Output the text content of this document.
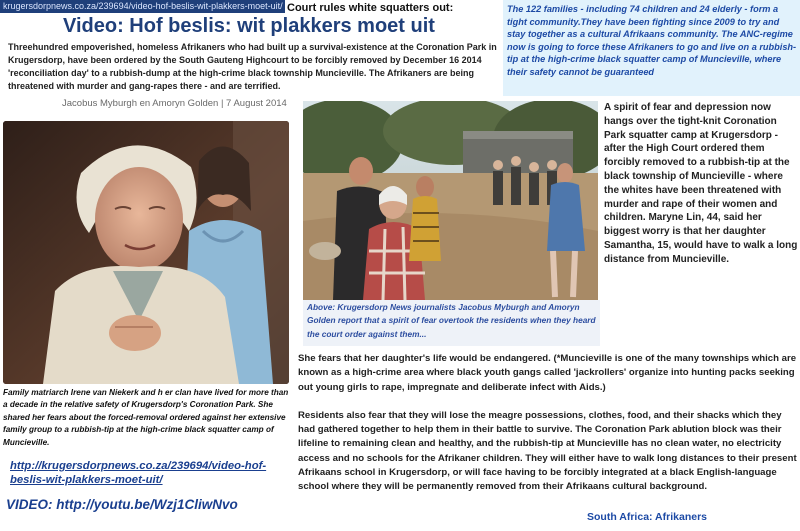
krugersdorpnews.co.za/239694/video-hof-beslis-wit-plakkers-moet-uit/ Court rules white squatters out:
Video: Hof beslis: wit plakkers moet uit
Threehundred empoverished, homeless Afrikaners who had built up a survival-existence at the Coronation Park in Krugersdorp, have been ordered by the South Gauteng Highcourt to be forcibly removed by December 16 2014 'reconciliation day' to a rubbish-dump at the high-crime black township Muncieville. The Afrikaners are being threatened with murder and gang-rapes there - and are terrified.
Jacobus Myburgh en Amoryn Golden | 7 August 2014
The 122 families - including 74 children and 24 elderly - form a tight community.They have been fighting since 2009 to try and stay together as a cultural Afrikaans community. The ANC-regime now is going to force these Afrikaners to go and live on a rubbish-tip at the high-crime black squatter camp of Muncieville, where their safety cannot be guaranteed
Family matriarch Irene van Niekerk and h er clan have lived for more than a decade in the relative safety of Krugersdorp's Coronation Park. She shared her fears about the forced-removal ordered against her extensive family group to a rubbish-tip at the high-crime black squatter camp of Muncieville.
Above: Krugersdorp News journalists Jacobus Myburgh and Amoryn Golden report that a spirit of fear overtook the residents when they heard the court order against them...
A spirit of fear and depression now hangs over the tight-knit Coronation Park squatter camp at Krugersdorp - after the High Court ordered them forcibly removed to a rubbish-tip at the black township of Muncieville - where the whites have been threatened with murder and rape of their women and children. Maryne Lin, 44, said her biggest worry is that her daughter Samantha, 15, would have to walk a long distance from Muncieville.
She fears that her daughter's life would be endangered. (*Muncieville is one of the many townships which are known as a high-crime area where black youth gangs called 'jackrollers' organize into hunting packs seeking out young girls to rape, impregnate and deliberate infect with Aids.)
Residents also fear that they will lose the meagre possessions, clothes, food, and their shacks which they had gathered together to help them in their battle to survive. The Coronation Park ablution block was their lifeline to remaining clean and healthy, and the rubbish-tip at Muncieville has no clean water, no electricity access and no schools for the Afrikaner children. They will either have to walk long distances to their present Afrikaans school in Krugersdorp, or will face having to be forcibly integrated at a black English-language school where they will be permanently removed from their Afrikaans cultural background.
http://krugersdorpnews.co.za/239694/video-hof-beslis-wit-plakkers-moet-uit/
VIDEO: http://youtu.be/Wzj1CliwNvo
South Africa: Afrikaners
